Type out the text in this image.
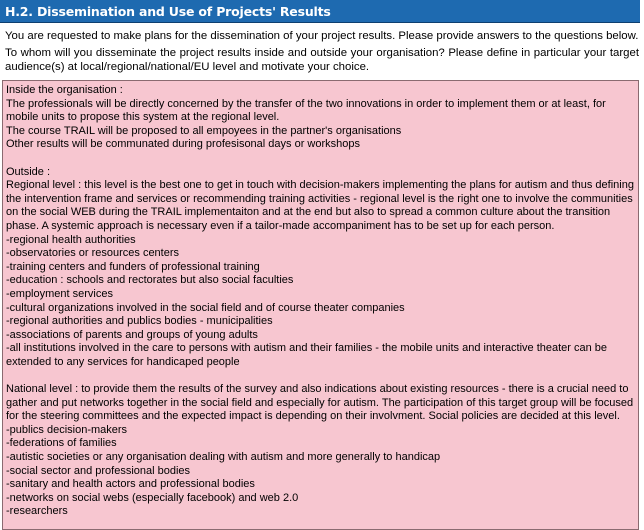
H.2. Dissemination and Use of Projects' Results
You are requested to make plans for the dissemination of your project results. Please provide answers to the questions below.
To whom will you disseminate the project results inside and outside your organisation? Please define in particular your target audience(s) at local/regional/national/EU level and motivate your choice.
Inside the organisation :
The professionals will be directly concerned by the transfer of the two innovations in order to implement them or at least, for mobile units to propose this system at the regional level.
The course TRAIL will be proposed to all empoyees in the partner's organisations
Other results will be communated during profesisonal days or workshops
Outside :
Regional level : this level is the best one to get in touch with decision-makers implementing the plans for autism and thus defining the intervention frame and services or recommending training activities - regional level is the right one to involve the communities on the social WEB during the TRAIL implementaiton and at the end but also to spread a common culture about the transition phase. A systemic approach is necessary even if a tailor-made accompaniment has to be set up for each person.
-regional health authorities
-observatories or resources centers
-training centers and funders of professional training
-education : schools and rectorates but also social faculties
-employment services
-cultural organizations involved in the social field and of course theater companies
-regional authorities and publics bodies - municipalities
-associations of parents and groups of young adults
-all institutions involved in the care to persons with autism and their families - the mobile units and interactive theater can be extended to any services for handicaped people
National level : to provide them the results of the survey and also indications about existing resources - there is a crucial need to gather and put networks together in the social field and especially for autism. The participation of this target group will be focused for the steering committees and the expected impact is depending on their involvment. Social policies are decided at this level.
-publics decision-makers
-federations of families
-autistic societies or any organisation dealing with autism and more generally to handicap
-social sector and professional bodies
-sanitary and health actors and professional bodies
-networks on social webs (especially facebook) and web 2.0
-researchers
